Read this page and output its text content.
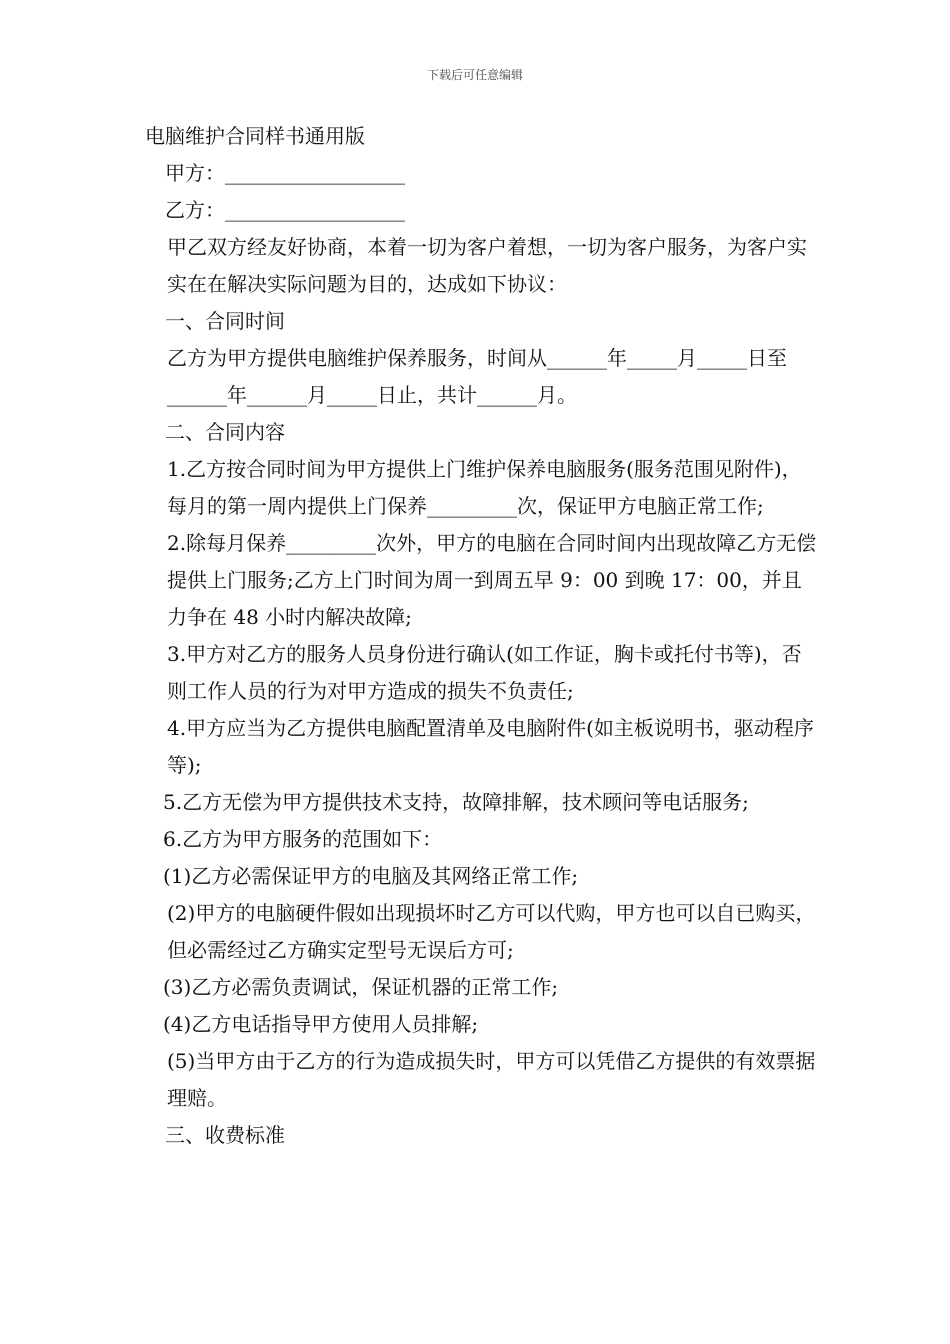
下载后可任意编辑

电脑维护合同样书通用版

甲方：__________________

乙方：__________________

甲乙双方经友好协商，本着一切为客户着想，一切为客户服务，为客户实实在在解决实际问题为目的，达成如下协议：

一、合同时间

乙方为甲方提供电脑维护保养服务，时间从______年_____月_____日至______年______月_____日止，共计______月。

二、合同内容

1.乙方按合同时间为甲方提供上门维护保养电脑服务(服务范围见附件)，每月的第一周内提供上门保养_________次，保证甲方电脑正常工作;

2.除每月保养_________次外，甲方的电脑在合同时间内出现故障乙方无偿提供上门服务;乙方上门时间为周一到周五早 9：00 到晚 17：00，并且力争在 48 小时内解决故障;

3.甲方对乙方的服务人员身份进行确认(如工作证，胸卡或托付书等)，否则工作人员的行为对甲方造成的损失不负责任;

4.甲方应当为乙方提供电脑配置清单及电脑附件(如主板说明书，驱动程序等);

5.乙方无偿为甲方提供技术支持，故障排解，技术顾问等电话服务;

6.乙方为甲方服务的范围如下：

(1)乙方必需保证甲方的电脑及其网络正常工作;

(2)甲方的电脑硬件假如出现损坏时乙方可以代购，甲方也可以自已购买，但必需经过乙方确实定型号无误后方可;

(3)乙方必需负责调试，保证机器的正常工作;

(4)乙方电话指导甲方使用人员排解;

(5)当甲方由于乙方的行为造成损失时，甲方可以凭借乙方提供的有效票据理赔。

三、收费标准
